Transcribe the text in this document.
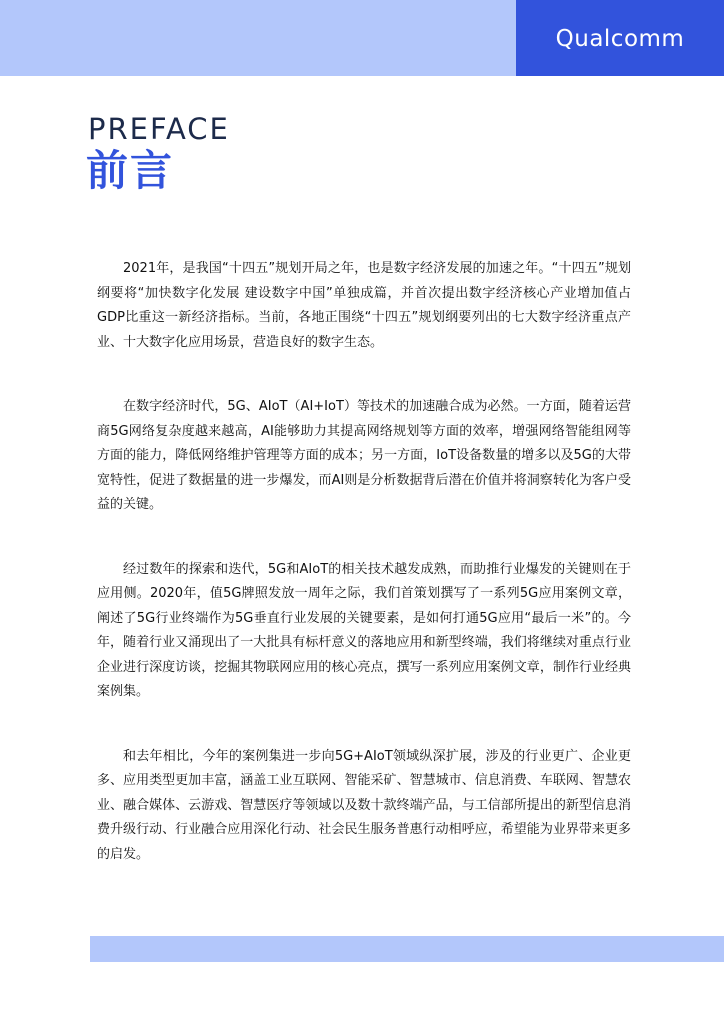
Qualcomm
PREFACE
前言

2021年，是我国“十四五”规划开局之年，也是数字经济发展的加速之年。“十四五”规划纲要将“加快数字化发展 建设数字中国”单独成篇，并首次提出数字经济核心产业增加值占GDP比重这一新经济指标。当前，各地正围绕“十四五”规划纲要列出的七大数字经济重点产业、十大数字化应用场景，营造良好的数字生态。

在数字经济时代，5G、AIoT（AI+IoT）等技术的加速融合成为必然。一方面，随着运营商5G网络复杂度越来越高，AI能够助力其提高网络规划等方面的效率，增强网络智能组网等方面的能力，降低网络维护管理等方面的成本；另一方面，IoT设备数量的增多以及5G的大带宽特性，促进了数据量的进一步爆发，而AI则是分析数据背后潜在价值并将洞察转化为客户受益的关键。

经过数年的探索和迭代，5G和AIoT的相关技术越发成熟，而助推行业爆发的关键则在于应用侧。2020年，值5G牌照发放一周年之际，我们首策划撰写了一系列5G应用案例文章，阐述了5G行业终端作为5G垂直行业发展的关键要素，是如何打通5G应用“最后一米”的。今年，随着行业又涌现出了一大批具有标杆意义的落地应用和新型终端，我们将继续对重点行业企业进行深度访谈，挖掘其物联网应用的核心亮点，撰写一系列应用案例文章，制作行业经典案例集。

和去年相比，今年的案例集进一步向5G+AIoT领域纵深扩展，涉及的行业更广、企业更多、应用类型更加丰富，涵盖工业互联网、智能采矿、智慧城市、信息消费、车联网、智慧农业、融合媒体、云游戏、智慧医疗等领域以及数十款终端产品，与工信部所提出的新型信息消费升级行动、行业融合应用深化行动、社会民生服务普惠行动相呼应，希望能为业界带来更多的启发。
